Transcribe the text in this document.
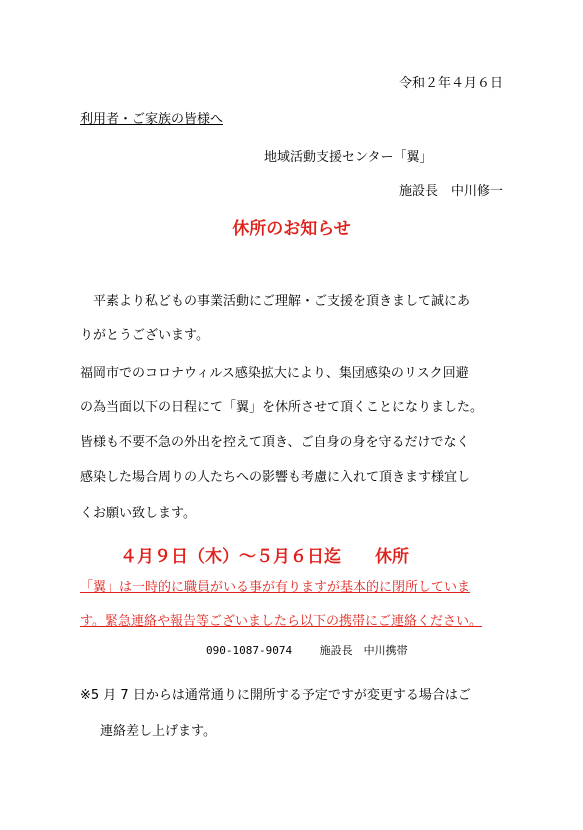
令和２年４月６日
利用者・ご家族の皆様へ
地域活動支援センター「翼」
施設長　中川修一
休所のお知らせ
　平素より私どもの事業活動にご理解・ご支援を頂きまして誠にあ
りがとうございます。
福岡市でのコロナウィルス感染拡大により、集団感染のリスク回避
の為当面以下の日程にて「翼」を休所させて頂くことになりました。
皆様も不要不急の外出を控えて頂き、ご自身の身を守るだけでなく
感染した場合周りの人たちへの影響も考慮に入れて頂きます様宜し
くお願い致します。
４月９日（木）～５月６日迄　　休所
「翼」は一時的に職員がいる事が有りますが基本的に閉所していま
す。緊急連絡や報告等ございましたら以下の携帯にご連絡ください。
090-1087-9074	施設長　中川携帯
※5 月 7 日からは通常通りに開所する予定ですが変更する場合はご
連絡差し上げます。
